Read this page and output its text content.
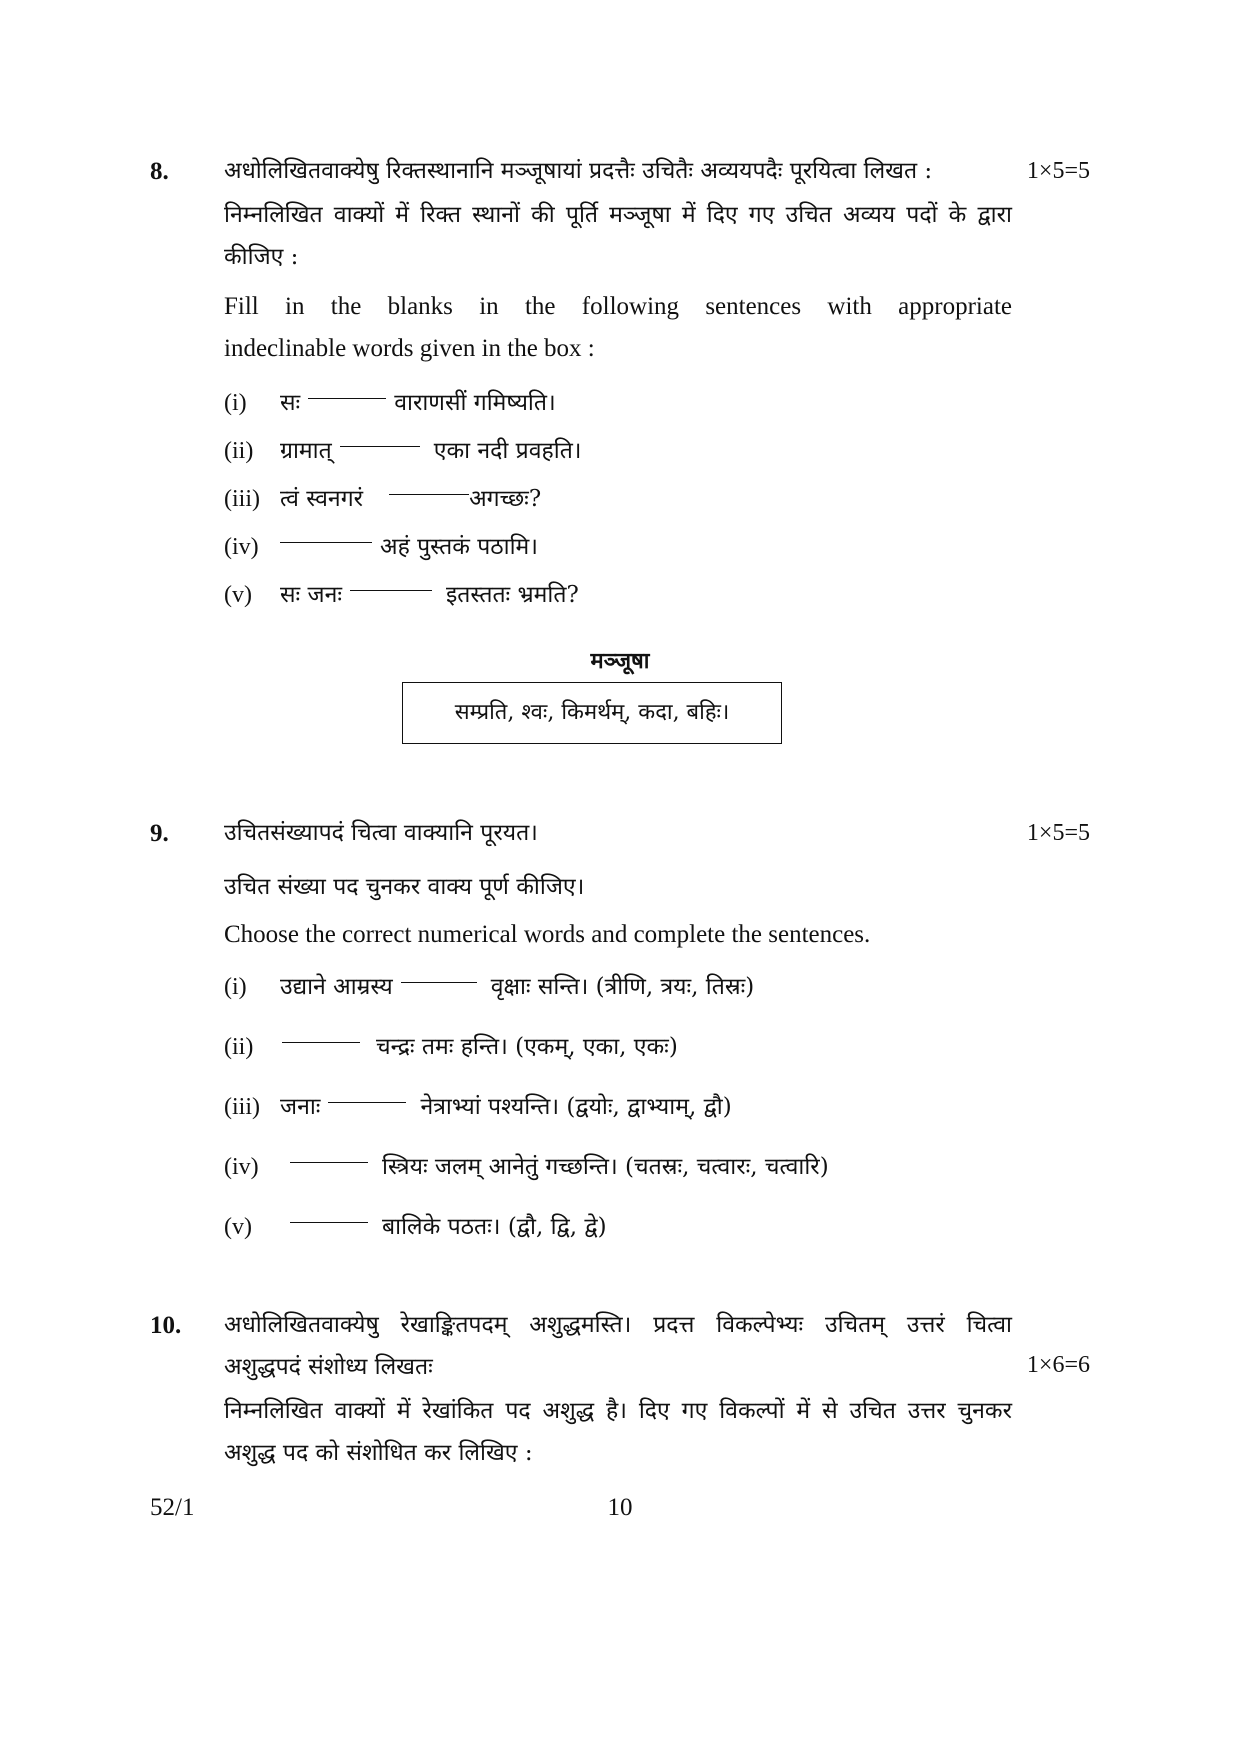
8.	1×5=5
अधोलिखितवाक्येषु रिक्तस्थानानि मञ्जूषायां प्रदत्तैः उचितैः अव्ययपदैः पूरयित्वा लिखत :
निम्नलिखित वाक्यों में रिक्त स्थानों की पूर्ति मञ्जूषा में दिए गए उचित अव्यय पदों के द्वारा
कीजिए :
Fill in the blanks in the following sentences with appropriate
indeclinable words given in the box :
(i) सः	वाराणसीं गमिष्यति।
(ii) ग्रामात्	एका नदी प्रवहति।
(iii) त्वं स्वनगरं	अगच्छः?
(iv)	अहं पुस्तकं पठामि।
(v) सः जनः	इतस्ततः भ्रमति?
मञ्जूषा
सम्प्रति, श्वः, किमर्थम्, कदा, बहिः।
9.	1×5=5
उचितसंख्यापदं चित्वा वाक्यानि पूरयत।
उचित संख्या पद चुनकर वाक्य पूर्ण कीजिए।
Choose the correct numerical words and complete the sentences.
(i) उद्याने आम्रस्य	वृक्षाः सन्ति। (त्रीणि, त्रयः, तिस्रः)
(ii)	चन्द्रः तमः हन्ति। (एकम्, एका, एकः)
(iii) जनाः	नेत्राभ्यां पश्यन्ति। (द्वयोः, द्वाभ्याम्, द्वौ)
(iv)	स्त्रियः जलम् आनेतुं गच्छन्ति। (चतस्रः, चत्वारः, चत्वारि)
(v)	बालिके पठतः। (द्वौ, द्वि, द्वे)
10. अधोलिखितवाक्येषु रेखाङ्कितपदम् अशुद्धमस्ति। प्रदत्त विकल्पेभ्यः उचितम् उत्तरं चित्वा
अशुद्धपदं संशोध्य लिखतः	1×6=6
निम्नलिखित वाक्यों में रेखांकित पद अशुद्ध है। दिए गए विकल्पों में से उचित उत्तर चुनकर
अशुद्ध पद को संशोधित कर लिखिए :
52/1	10
